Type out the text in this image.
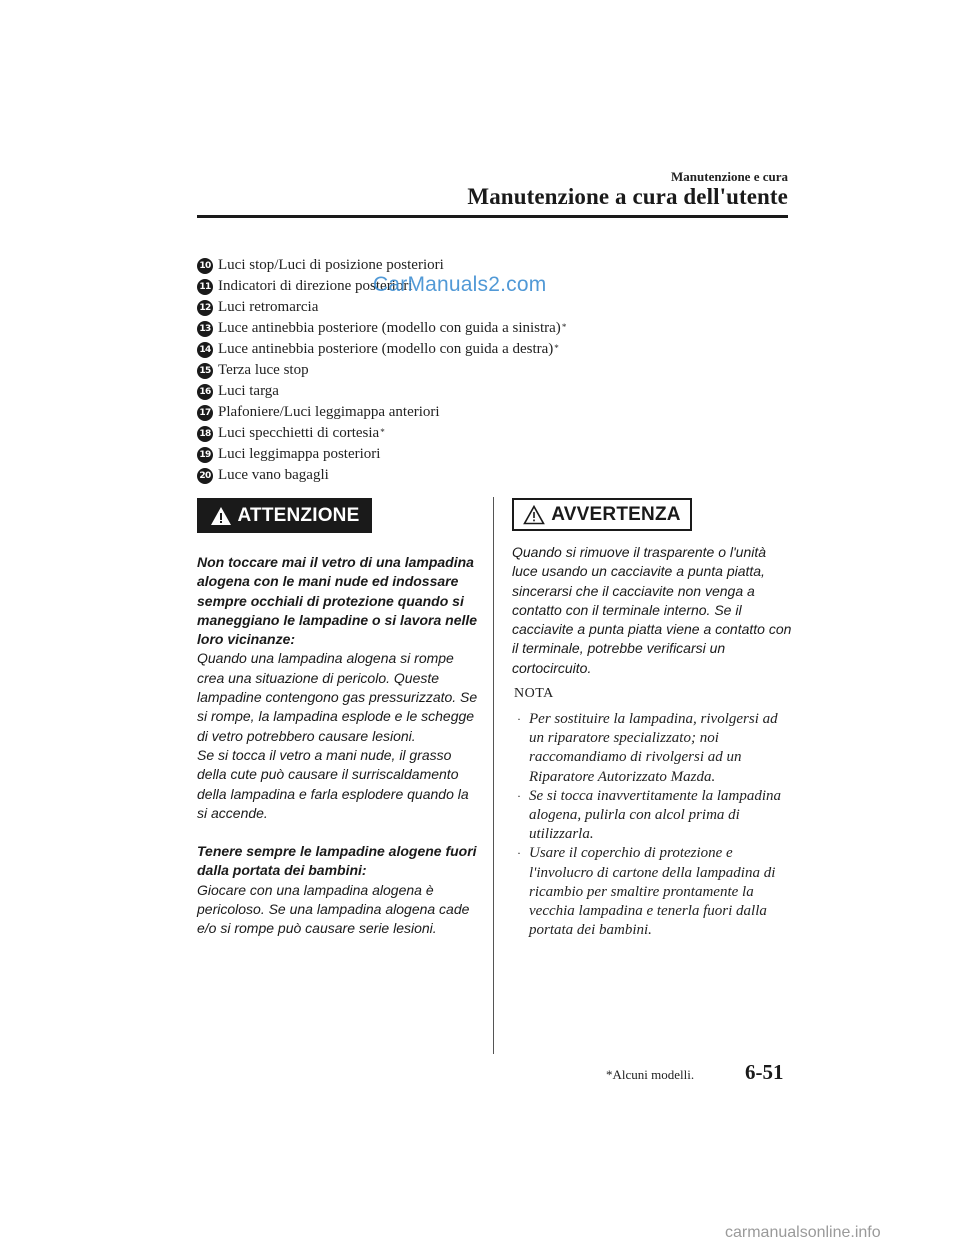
Manutenzione e cura
Manutenzione a cura dell'utente
10 Luci stop/Luci di posizione posteriori
11 Indicatori di direzione posteriori
12 Luci retromarcia
13 Luce antinebbia posteriore (modello con guida a sinistra)*
14 Luce antinebbia posteriore (modello con guida a destra)*
15 Terza luce stop
16 Luci targa
17 Plafoniere/Luci leggimappa anteriori
18 Luci specchietti di cortesia*
19 Luci leggimappa posteriori
20 Luce vano bagagli
CarManuals2.com
ATTENZIONE	AVVERTENZA

Non toccare mai il vetro di una lampadina alogena con le mani nude ed indossare sempre occhiali di protezione quando si maneggiano le lampadine o si lavora nelle loro vicinanze:

Quando una lampadina alogena si rompe crea una situazione di pericolo. Queste lampadine contengono gas pressurizzato. Se si rompe, la lampadina esplode e le schegge di vetro potrebbero causare lesioni.

Se si tocca il vetro a mani nude, il grasso della cute può causare il surriscaldamento della lampadina e farla esplodere quando la si accende.

Tenere sempre le lampadine alogene fuori dalla portata dei bambini:

Giocare con una lampadina alogena è pericoloso. Se una lampadina alogena cade e/o si rompe può causare serie lesioni.

Quando si rimuove il trasparente o l'unità luce usando un cacciavite a punta piatta, sincerarsi che il cacciavite non venga a contatto con il terminale interno. Se il cacciavite a punta piatta viene a contatto con il terminale, potrebbe verificarsi un cortocircuito.

NOTA
· Per sostituire la lampadina, rivolgersi ad un riparatore specializzato; noi raccomandiamo di rivolgersi ad un Riparatore Autorizzato Mazda.
· Se si tocca inavvertitamente la lampadina alogena, pulirla con alcol prima di utilizzarla.
· Usare il coperchio di protezione e l'involucro di cartone della lampadina di ricambio per smaltire prontamente la vecchia lampadina e tenerla fuori dalla portata dei bambini.
*Alcuni modelli. 6-51
carmanualsonline.info
